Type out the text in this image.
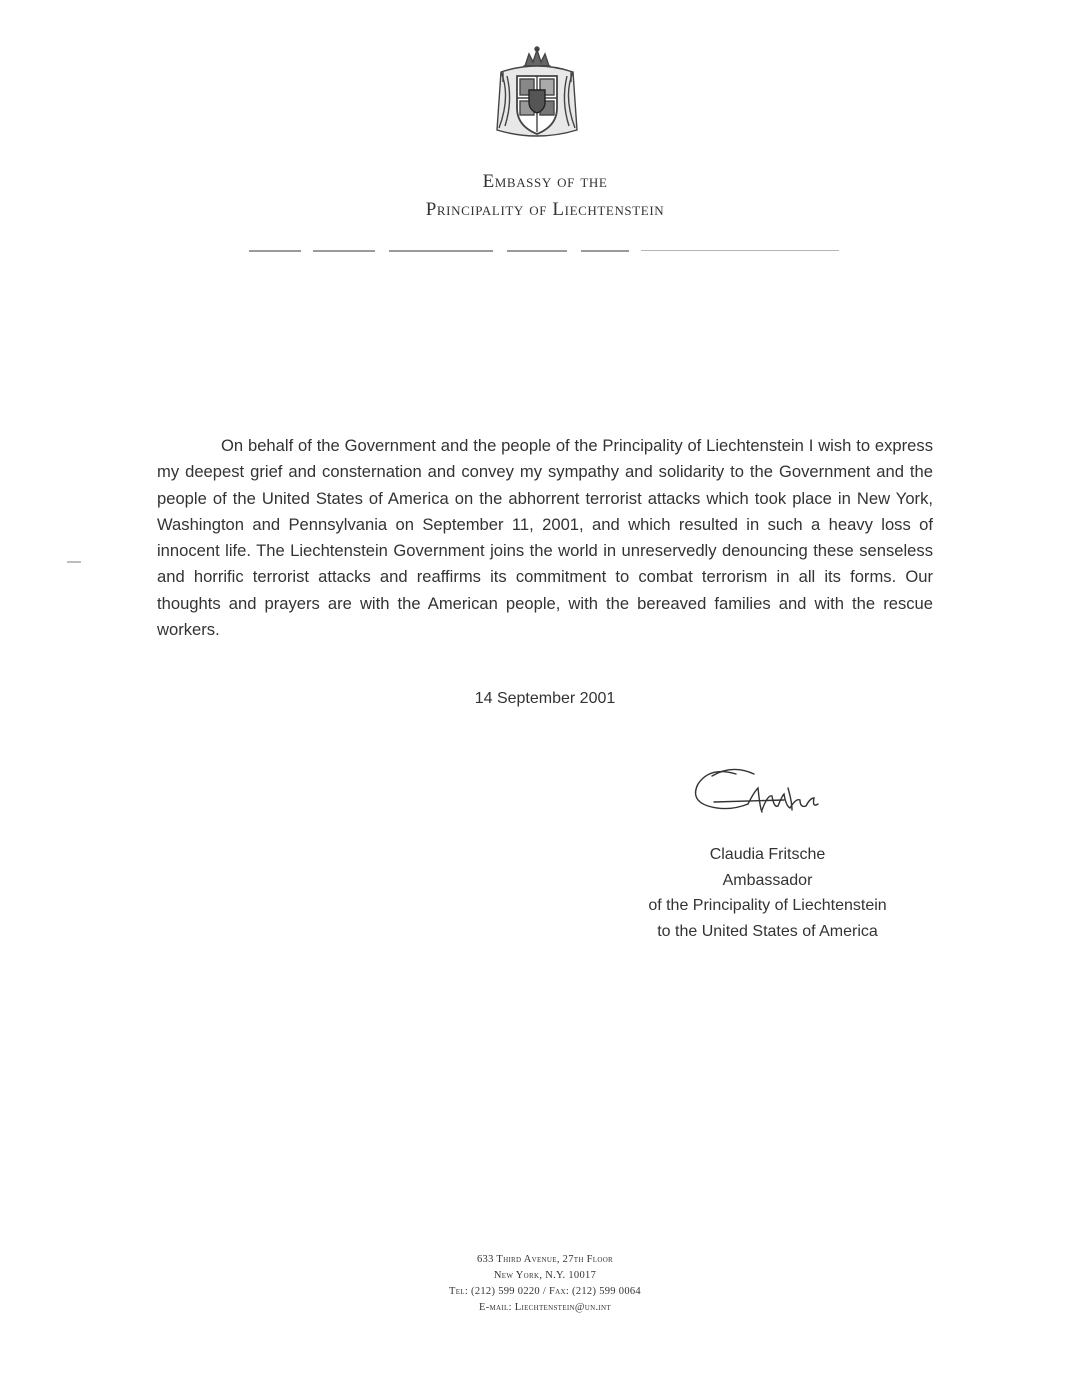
Embassy of the
Principality of Liechtenstein

On behalf of the Government and the people of the Principality of Liechtenstein I wish to express my deepest grief and consternation and convey my sympathy and solidarity to the Government and the people of the United States of America on the abhorrent terrorist attacks which took place in New York, Washington and Pennsylvania on September 11, 2001, and which resulted in such a heavy loss of innocent life. The Liechtenstein Government joins the world in unreservedly denouncing these senseless and horrific terrorist attacks and reaffirms its commitment to combat terrorism in all its forms. Our thoughts and prayers are with the American people, with the bereaved families and with the rescue workers.

14 September 2001
Claudia Fritsche
Ambassador
of the Principality of Liechtenstein
to the United States of America
633 Third Avenue, 27th Floor
New York, N.Y. 10017
Tel: (212) 599 0220 / Fax: (212) 599 0064
E-mail: Liechtenstein@un.int
